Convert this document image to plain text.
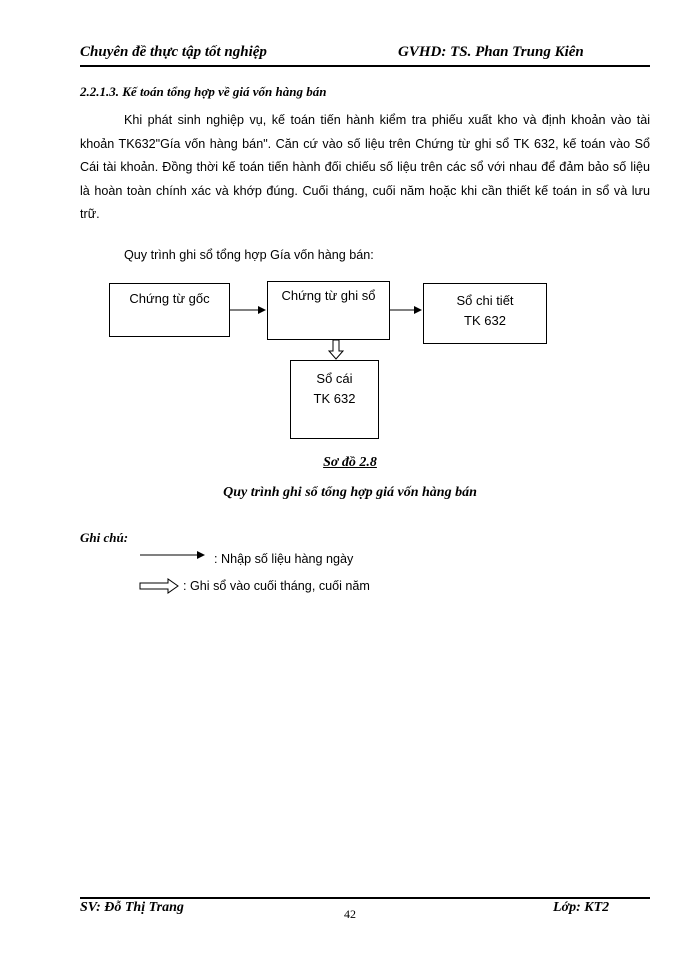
Chuyên đề thực tập tốt nghiệp	GVHD: TS. Phan Trung Kiên
2.2.1.3. Kế toán tổng hợp về giá vốn hàng bán
Khi phát sinh nghiệp vụ, kế toán tiến hành kiểm tra phiếu xuất kho và định khoản vào tài khoản TK632"Gía vốn hàng bán". Căn cứ vào số liệu trên Chứng từ ghi sổ TK 632, kế toán vào Sổ Cái tài khoản. Đồng thời kế toán tiến hành đối chiếu số liệu trên các sổ với nhau để đảm bảo số liệu là hoàn toàn chính xác và khớp đúng. Cuối tháng, cuối năm hoặc khi cần thiết kế toán in sổ và lưu trữ.
Quy trình ghi sổ tổng hợp Gía vốn hàng bán:
Chứng từ gốc	Chứng từ ghi sổ	Sổ chi tiết
TK 632
Sổ cái
TK 632
Sơ đồ 2.8
Quy trình ghi sổ tổng hợp giá vốn hàng bán
Ghi chú:
: Nhập số liệu hàng ngày
: Ghi sổ vào cuối tháng, cuối năm
SV: Đỗ Thị Trang	42	Lớp: KT2
